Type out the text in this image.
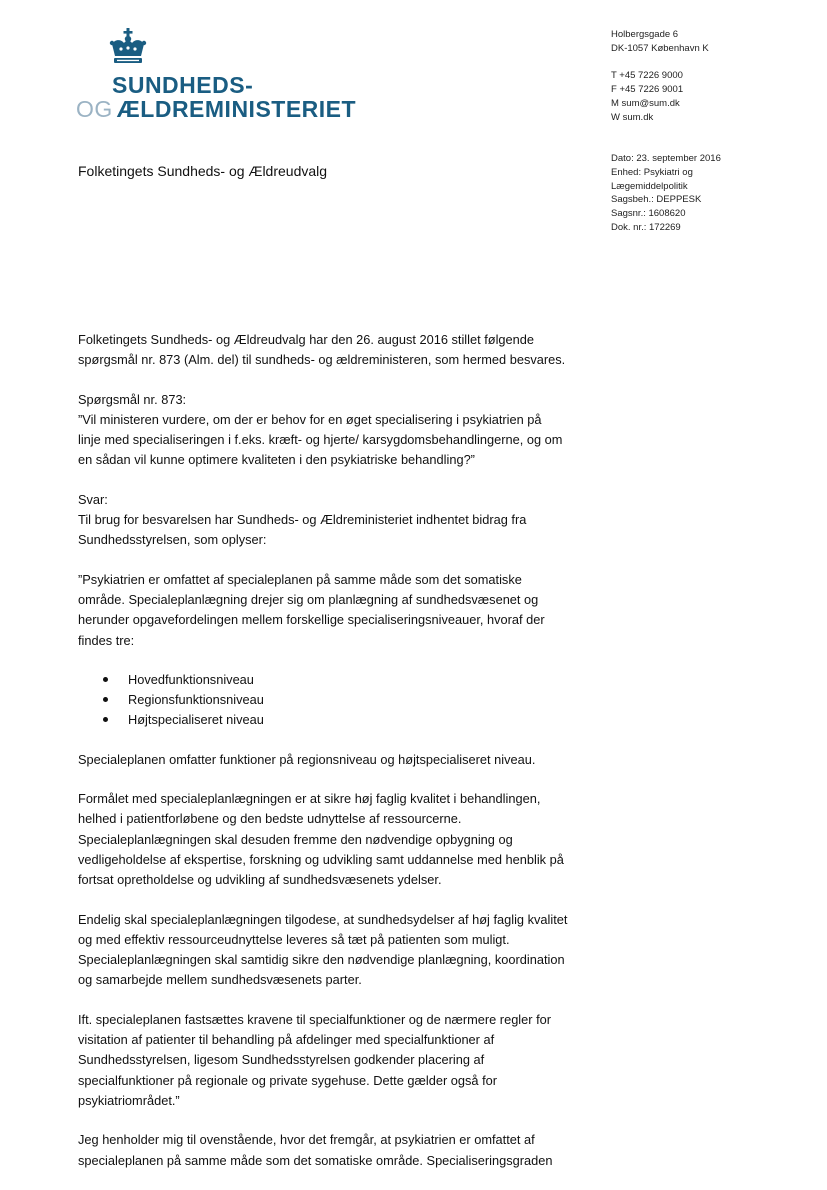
SUNDHEDS-
OG ÆLDREMINISTERIET
Holbergsgade 6
DK-1057 København K
T +45 7226 9000
F +45 7226 9001
M sum@sum.dk
W sum.dk
Dato: 23. september 2016
Enhed: Psykiatri og
Lægemiddelpolitik
Sagsbeh.: DEPPESK
Sagsnr.: 1608620
Dok. nr.: 172269
Folketingets Sundheds- og Ældreudvalg

Folketingets Sundheds- og Ældreudvalg har den 26. august 2016 stillet følgende
spørgsmål nr. 873 (Alm. del) til sundheds- og ældreministeren, som hermed besvares.

Spørgsmål nr. 873:
”Vil ministeren vurdere, om der er behov for en øget specialisering i psykiatrien på
linje med specialiseringen i f.eks. kræft- og hjerte/ karsygdomsbehandlingerne, og om
en sådan vil kunne optimere kvaliteten i den psykiatriske behandling?”

Svar:
Til brug for besvarelsen har Sundheds- og Ældreministeriet indhentet bidrag fra
Sundhedsstyrelsen, som oplyser:

”Psykiatrien er omfattet af specialeplanen på samme måde som det somatiske
område. Specialeplanlægning drejer sig om planlægning af sundhedsvæsenet og
herunder opgavefordelingen mellem forskellige specialiseringsniveauer, hvoraf der
findes tre:

Hovedfunktionsniveau
Regionsfunktionsniveau
Højtspecialiseret niveau

Specialeplanen omfatter funktioner på regionsniveau og højtspecialiseret niveau.

Formålet med specialeplanlægningen er at sikre høj faglig kvalitet i behandlingen,
helhed i patientforløbene og den bedste udnyttelse af ressourcerne.
Specialeplanlægningen skal desuden fremme den nødvendige opbygning og
vedligeholdelse af ekspertise, forskning og udvikling samt uddannelse med henblik på
fortsat opretholdelse og udvikling af sundhedsvæsenets ydelser.

Endelig skal specialeplanlægningen tilgodese, at sundhedsydelser af høj faglig kvalitet
og med effektiv ressourceudnyttelse leveres så tæt på patienten som muligt.
Specialeplanlægningen skal samtidig sikre den nødvendige planlægning, koordination
og samarbejde mellem sundhedsvæsenets parter.

Ift. specialeplanen fastsættes kravene til specialfunktioner og de nærmere regler for
visitation af patienter til behandling på afdelinger med specialfunktioner af
Sundhedsstyrelsen, ligesom Sundhedsstyrelsen godkender placering af
specialfunktioner på regionale og private sygehuse. Dette gælder også for
psykiatriområdet.”

Jeg henholder mig til ovenstående, hvor det fremgår, at psykiatrien er omfattet af
specialeplanen på samme måde som det somatiske område. Specialiseringsgraden
